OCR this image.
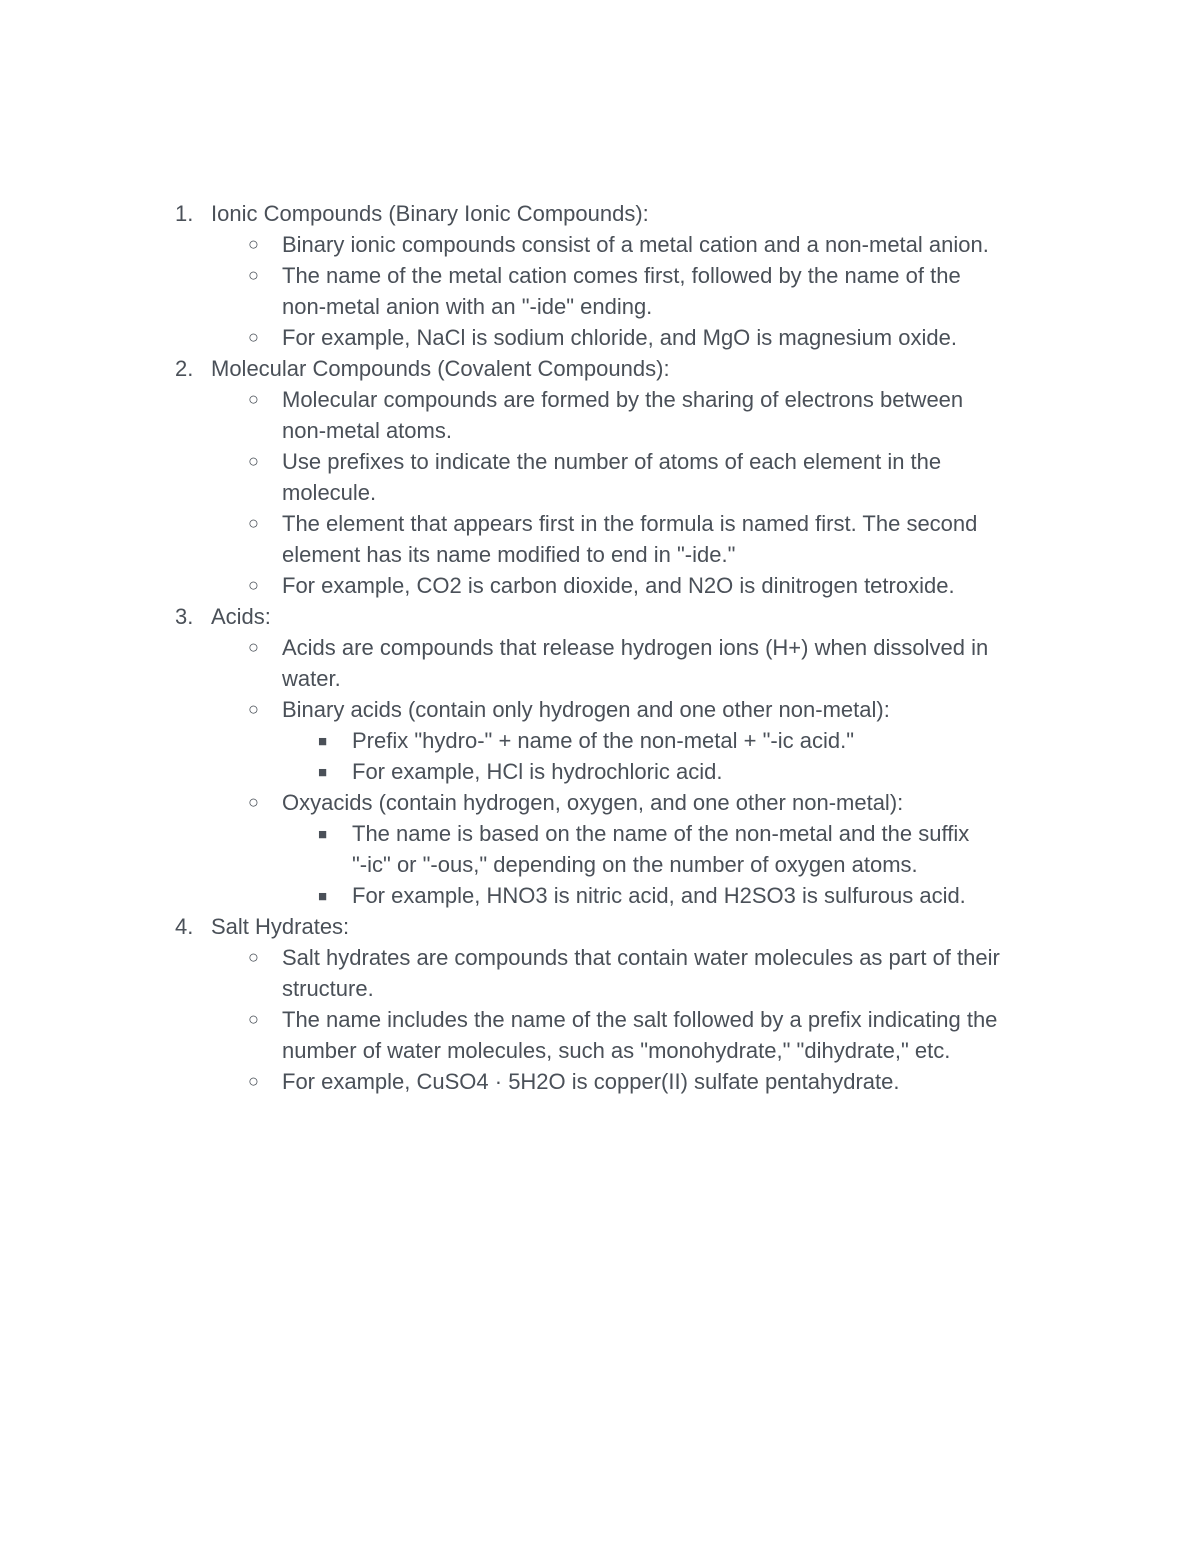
1. Ionic Compounds (Binary Ionic Compounds):
○ Binary ionic compounds consist of a metal cation and a non-metal anion.
○ The name of the metal cation comes first, followed by the name of the
non-metal anion with an "-ide" ending.
○ For example, NaCl is sodium chloride, and MgO is magnesium oxide.
2. Molecular Compounds (Covalent Compounds):
○ Molecular compounds are formed by the sharing of electrons between
non-metal atoms.
○ Use prefixes to indicate the number of atoms of each element in the
molecule.
○ The element that appears first in the formula is named first. The second
element has its name modified to end in "-ide."
○ For example, CO2 is carbon dioxide, and N2O is dinitrogen tetroxide.
3. Acids:
○ Acids are compounds that release hydrogen ions (H+) when dissolved in
water.
○ Binary acids (contain only hydrogen and one other non-metal):
■ Prefix "hydro-" + name of the non-metal + "-ic acid."
■ For example, HCl is hydrochloric acid.
○ Oxyacids (contain hydrogen, oxygen, and one other non-metal):
■ The name is based on the name of the non-metal and the suffix
"-ic" or "-ous," depending on the number of oxygen atoms.
■ For example, HNO3 is nitric acid, and H2SO3 is sulfurous acid.
4. Salt Hydrates:
○ Salt hydrates are compounds that contain water molecules as part of their
structure.
○ The name includes the name of the salt followed by a prefix indicating the
number of water molecules, such as "monohydrate," "dihydrate," etc.
○ For example, CuSO4 · 5H2O is copper(II) sulfate pentahydrate.
